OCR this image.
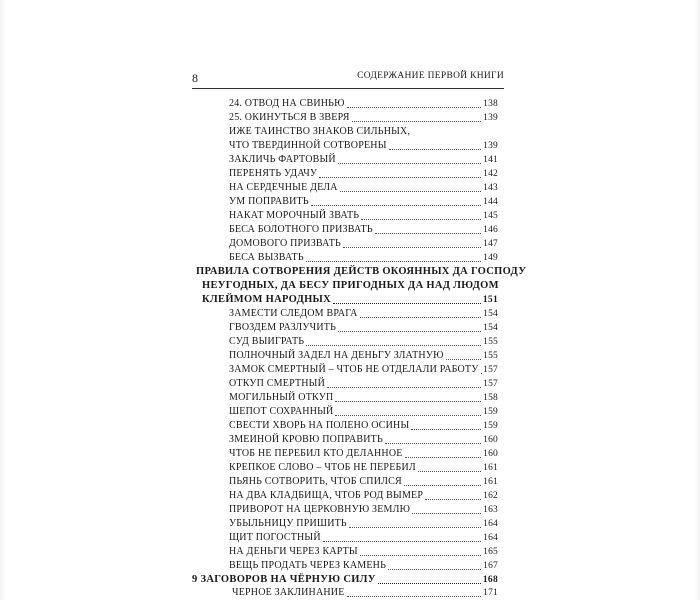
8	СОДЕРЖАНИЕ ПЕРВОЙ КНИГИ
24. ОТВОД НА СВИНЬЮ	138
25. ОКИНУТЬСЯ В ЗВЕРЯ	139
ИЖЕ ТАИНСТВО ЗНАКОВ СИЛЬНЫХ,
ЧТО ТВЕРДИННОЙ СОТВОРЕНЫ	139
ЗАКЛИЧЬ ФАРТОВЫЙ	141
ПЕРЕНЯТЬ УДАЧУ	142
НА СЕРДЕЧНЫЕ ДЕЛА	143
УМ ПОПРАВИТЬ	144
НАКАТ МОРОЧНЫЙ ЗВАТЬ	145
БЕСА БОЛОТНОГО ПРИЗВАТЬ	146
ДОМОВОГО ПРИЗВАТЬ	147
БЕСА ВЫЗВАТЬ	149
ПРАВИЛА СОТВОРЕНИЯ ДЕЙСТВ ОКОЯННЫХ ДА ГОСПОДУ
НЕУГОДНЫХ, ДА БЕСУ ПРИГОДНЫХ ДА НАД ЛЮДОМ
КЛЕЙМОМ НАРОДНЫХ	151
ЗАМЕСТИ СЛЕДОМ ВРАГА	154
ГВОЗДЕМ РАЗЛУЧИТЬ	154
СУД ВЫИГРАТЬ	155
ПОЛНОЧНЫЙ ЗАДЕЛ НА ДЕНЬГУ ЗЛАТНУЮ	155
ЗАМОК СМЕРТНЫЙ – ЧТОБ НЕ ОТДЕЛАЛИ РАБОТУ 157
ОТКУП СМЕРТНЫЙ	157
МОГИЛЬНЫЙ ОТКУП	158
ШЕПОТ СОХРАННЫЙ	159
СВЕСТИ ХВОРЬ НА ПОЛЕНО ОСИНЫ	159
ЗМЕИНОЙ КРОВЮ ПОПРАВИТЬ	160
ЧТОБ НЕ ПЕРЕБИЛ КТО ДЕЛАННОЕ	160
КРЕПКОЕ СЛОВО – ЧТОБ НЕ ПЕРЕБИЛ	161
ПЬЯНЬ СОТВОРИТЬ, ЧТОБ СПИЛСЯ	161
НА ДВА КЛАДБИЩА, ЧТОБ РОД ВЫМЕР	162
ПРИВОРОТ НА ЦЕРКОВНУЮ ЗЕМЛЮ	163
УБЫЛЬНИЦУ ПРИШИТЬ	164
ЩИТ ПОГОСТНЫЙ	164
НА ДЕНЬГИ ЧЕРЕЗ КАРТЫ	165
ВЕЩЬ ПРОДАТЬ ЧЕРЕЗ КАМЕНЬ	167
9 ЗАГОВОРОВ НА ЧЁРНУЮ СИЛУ	168
ЧЕРНОЕ ЗАКЛИНАНИЕ	171
